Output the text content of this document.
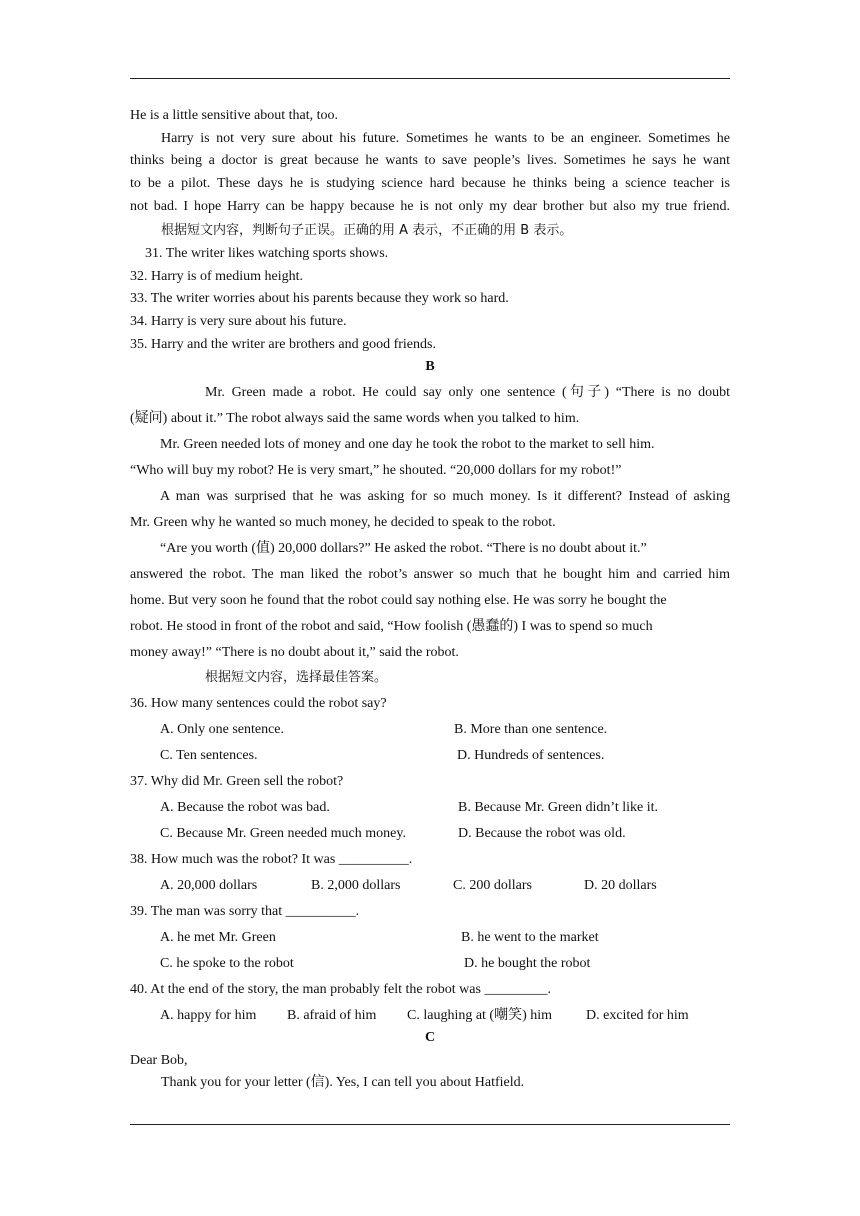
He is a little sensitive about that, too.
Harry is not very sure about his future. Sometimes he wants to be an engineer. Sometimes he
thinks being a doctor is great because he wants to save people’s lives. Sometimes he says he want
to be a pilot. These days he is studying science hard because he thinks being a science teacher is
not bad. I hope Harry can be happy because he is not only my dear brother but also my true friend.
根据短文内容，判断句子正误。正确的用 A 表示，不正确的用 B 表示。
31. The writer likes watching sports shows.
32. Harry is of medium height.
33. The writer worries about his parents because they work so hard.
34. Harry is very sure about his future.
35. Harry and the writer are brothers and good friends.
B
Mr. Green made a robot. He could say only one sentence (句子) “There is no doubt
(疑问) about it.” The robot always said the same words when you talked to him.
Mr. Green needed lots of money and one day he took the robot to the market to sell him.
“Who will buy my robot? He is very smart,” he shouted. “20,000 dollars for my robot!”
A man was surprised that he was asking for so much money. Is it different? Instead of asking
Mr. Green why he wanted so much money, he decided to speak to the robot.
“Are you worth (值) 20,000 dollars?” He asked the robot. “There is no doubt about it.”
answered the robot. The man liked the robot’s answer so much that he bought him and carried him
home. But very soon he found that the robot could say nothing else. He was sorry he bought the
robot. He stood in front of the robot and said, “How foolish (愚蠢的) I was to spend so much
money away!” “There is no doubt about it,” said the robot.
根据短文内容，选择最佳答案。
36. How many sentences could the robot say?
A. Only one sentence.	B. More than one sentence.
C. Ten sentences.	D. Hundreds of sentences.
37. Why did Mr. Green sell the robot?
A. Because the robot was bad.	B. Because Mr. Green didn’t like it.
C. Because Mr. Green needed much money.	D. Because the robot was old.
38. How much was the robot? It was __________.
A. 20,000 dollars	B. 2,000 dollars	C. 200 dollars	D. 20 dollars
39. The man was sorry that __________.
A. he met Mr. Green	B. he went to the market
C. he spoke to the robot	D. he bought the robot
40. At the end of the story, the man probably felt the robot was _________.
A. happy for him B. afraid of him C. laughing at (嘲笑) him D. excited for him
C
Dear Bob,
Thank you for your letter (信). Yes, I can tell you about Hatfield.
